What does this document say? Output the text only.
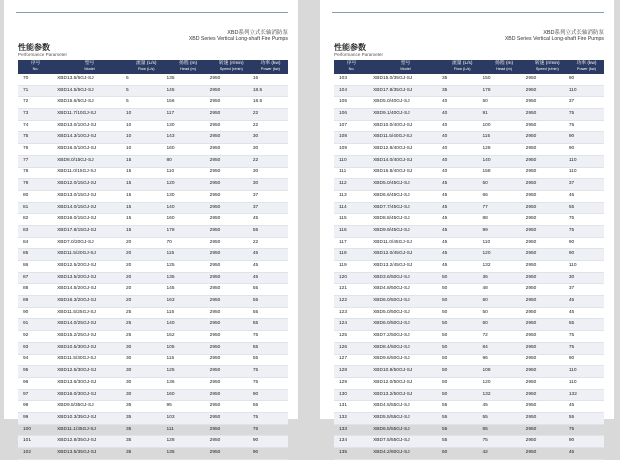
XBD系列立式长轴消防泵
XBD Series Vertical Long-shaft Fire Pumps
性能参数
Performance Parameter
序号
No.	型号
Model	流量 (L/s)
Flow (L/s)	扬程 (m)
Head (m)	转速 (r/min)
Speed (r/min)	功率 (kw)
Power (kw)

70	XBD13.5/5GJ-SJ	5	135	2950	15
71	XBD14.5/5GJ-SJ	5	145	2950	18.5
72	XBD15.6/5GJ-SJ	5	156	2950	18.5
73	XBD11.7/10GJ-SJ	10	117	2950	22
74	XBD13.0/10GJ-SJ	10	130	2950	22
75	XBD14.3/10GJ-SJ	10	143	2950	30
76	XBD16.0/10GJ-SJ	10	160	2950	30
77	XBD8.0/15GJ-SJ	15	80	2950	22
78	XBD11.0/15GJ-SJ	15	110	2950	30
79	XBD12.0/15GJ-SJ	15	120	2950	30
80	XBD13.0/15GJ-SJ	15	130	2950	37
81	XBD14.0/15GJ-SJ	15	140	2950	37
82	XBD16.0/15GJ-SJ	15	160	2950	45
83	XBD17.8/15GJ-SJ	15	178	2950	55
84	XBD7.0/20GJ-SJ	20	70	2950	22
85	XBD11.5/20GJ-SJ	20	115	2950	45
86	XBD12.5/20GJ-SJ	20	125	2950	45
87	XBD13.5/20GJ-SJ	20	135	2950	45
88	XBD14.5/20GJ-SJ	20	145	2950	55
89	XBD16.3/20GJ-SJ	20	163	2950	55
90	XBD11.5/25GJ-SJ	25	115	2950	55
91	XBD14.0/25GJ-SJ	25	140	2950	55
92	XBD15.2/25GJ-SJ	25	152	2950	75
93	XBD10.5/30GJ-SJ	30	105	2950	55
94	XBD11.5/30GJ-SJ	30	115	2950	55
95	XBD12.5/30GJ-SJ	30	125	2950	75
96	XBD13.6/30GJ-SJ	30	136	2950	75
97	XBD16.0/30GJ-SJ	30	160	2950	90
98	XBD9.5/35GJ-SJ	35	95	2950	55
99	XBD10.3/35GJ-SJ	35	103	2950	75
100	XBD11.1/35GJ-SJ	35	111	2950	75
101	XBD12.8/35GJ-SJ	35	128	2950	90
102	XBD13.5/35GJ-SJ	35	135	2950	90
XBD系列立式长轴消防泵
XBD Series Vertical Long-shaft Fire Pumps
性能参数
Performance Parameter
序号
No.	型号
Model	流量 (L/s)
Flow (L/s)	扬程 (m)
Head (m)	转速 (r/min)
Speed (r/min)	功率 (kw)
Power (kw)

103	XBD15.0/35GJ-SJ	35	150	2950	90
104	XBD17.8/35GJ-SJ	35	178	2950	110
105	XBD5.0/40GJ-SJ	40	50	2950	37
106	XBD9.1/40GJ-SJ	40	91	2950	75
107	XBD10.0/40GJ-SJ	40	100	2950	75
108	XBD11.5/40GJ-SJ	40	115	2950	90
109	XBD12.8/40GJ-SJ	40	128	2950	90
110	XBD14.0/40GJ-SJ	40	140	2950	110
111	XBD15.8/40GJ-SJ	40	158	2950	110
112	XBD5.0/45GJ-SJ	45	50	2950	37
113	XBD6.6/45GJ-SJ	45	66	2950	45
114	XBD7.7/45GJ-SJ	45	77	2950	55
115	XBD8.8/45GJ-SJ	45	88	2950	75
116	XBD9.9/45GJ-SJ	45	99	2950	75
117	XBD11.0/45GJ-SJ	45	110	2950	90
118	XBD12.0/45GJ-SJ	45	120	2950	90
119	XBD13.2/45GJ-SJ	45	132	2950	110
120	XBD3.6/50GJ-SJ	50	36	2950	30
121	XBD4.8/50GJ-SJ	50	48	2950	37
122	XBD6.0/50GJ-SJ	50	60	2950	45
123	XBD5.0/50GJ-SJ	50	50	2950	45
124	XBD6.0/50GJ-SJ	50	60	2950	55
125	XBD7.2/50GJ-SJ	50	72	2950	75
126	XBD8.4/50GJ-SJ	50	84	2950	75
127	XBD9.6/50GJ-SJ	50	96	2950	90
128	XBD10.8/50GJ-SJ	50	108	2950	110
129	XBD12.0/50GJ-SJ	50	120	2950	110
130	XBD13.2/50GJ-SJ	50	132	2950	132
131	XBD4.5/55GJ-SJ	55	45	2950	45
132	XBD5.5/55GJ-SJ	55	55	2950	55
133	XBD6.5/55GJ-SJ	55	65	2950	75
134	XBD7.5/55GJ-SJ	55	75	2950	90
135	XBD4.2/60GJ-SJ	60	42	2950	45
